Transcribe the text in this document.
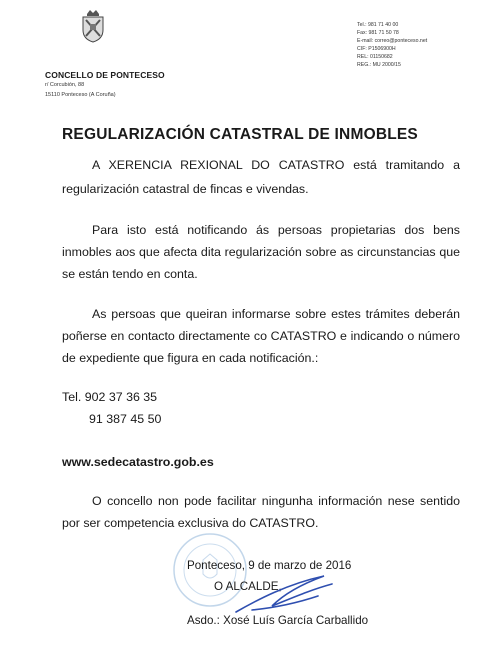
CONCELLO DE PONTECESO
r/ Corcubión, 88
15110 Ponteceso (A Coruña)
Tel.: 981 71 40 00
Fax: 981 71 50 78
E-mail: correo@ponteceso.net
CIF: P1506900H
REL: 01150682
REG.: MU 2000/15
REGULARIZACIÓN CATASTRAL DE INMOBLES
A XERENCIA REXIONAL DO CATASTRO está tramitando a
regularización catastral de fincas e vivendas.
Para isto está notificando ás persoas propietarias dos bens
inmobles aos que afecta dita regularización sobre as circunstancias que
se están tendo en conta.
As persoas que queiran informarse sobre estes trámites deberán
poñerse en contacto directamente co CATASTRO e indicando o número
de expediente que figura en cada notificación.:
Tel. 902 37 36 35
91 387 45 50
www.sedecatastro.gob.es
O concello non pode facilitar ningunha información nese sentido
por ser competencia exclusiva do CATASTRO.
Ponteceso, 9 de marzo de 2016
O ALCALDE,
Asdo.: Xosé Luís García Carballido
